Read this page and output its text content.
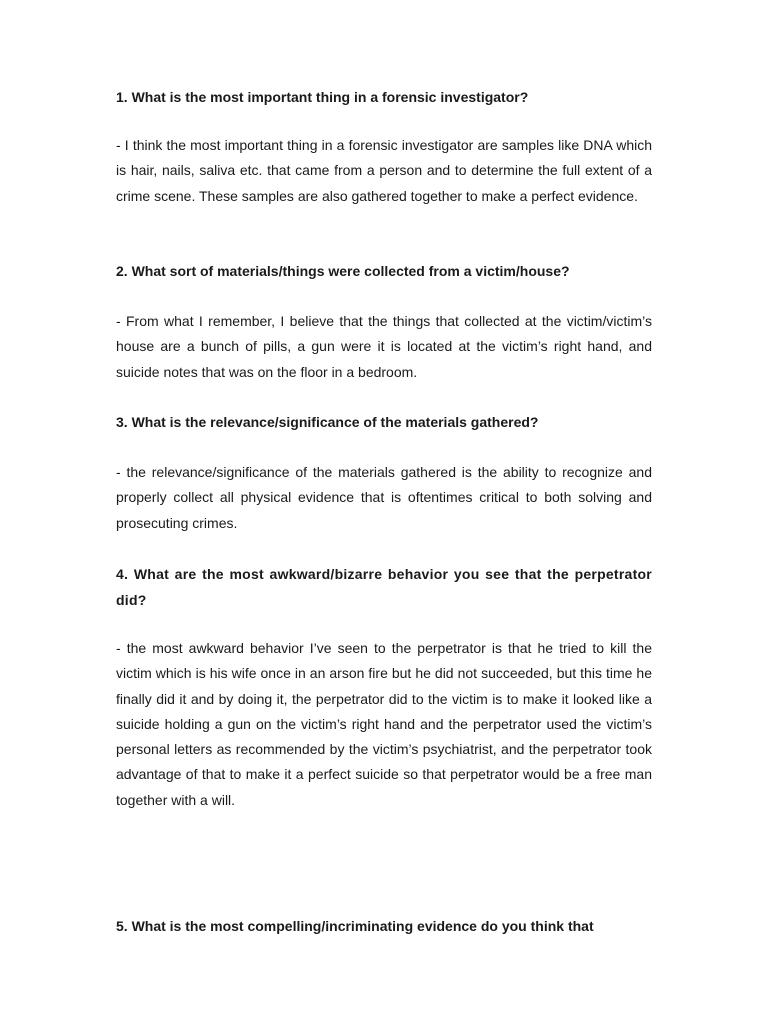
1. What is the most important thing in a forensic investigator?

- I think the most important thing in a forensic investigator are samples like DNA which is hair, nails, saliva etc. that came from a person and to determine the full extent of a crime scene. These samples are also gathered together to make a perfect evidence.

2. What sort of materials/things were collected from a victim/house?

- From what I remember, I believe that the things that collected at the victim/victim’s house are a bunch of pills, a gun were it is located at the victim’s right hand, and suicide notes that was on the floor in a bedroom.

3. What is the relevance/significance of the materials gathered?

- the relevance/significance of the materials gathered is the ability to recognize and properly collect all physical evidence that is oftentimes critical to both solving and prosecuting crimes.

4. What are the most awkward/bizarre behavior you see that the perpetrator did?

- the most awkward behavior I’ve seen to the perpetrator is that he tried to kill the victim which is his wife once in an arson fire but he did not succeeded, but this time he finally did it and by doing it, the perpetrator did to the victim is to make it looked like a suicide holding a gun on the victim’s right hand and the perpetrator used the victim’s personal letters as recommended by the victim’s psychiatrist, and the perpetrator took advantage of that to make it a perfect suicide so that perpetrator would be a free man together with a will.

5. What is the most compelling/incriminating evidence do you think that
